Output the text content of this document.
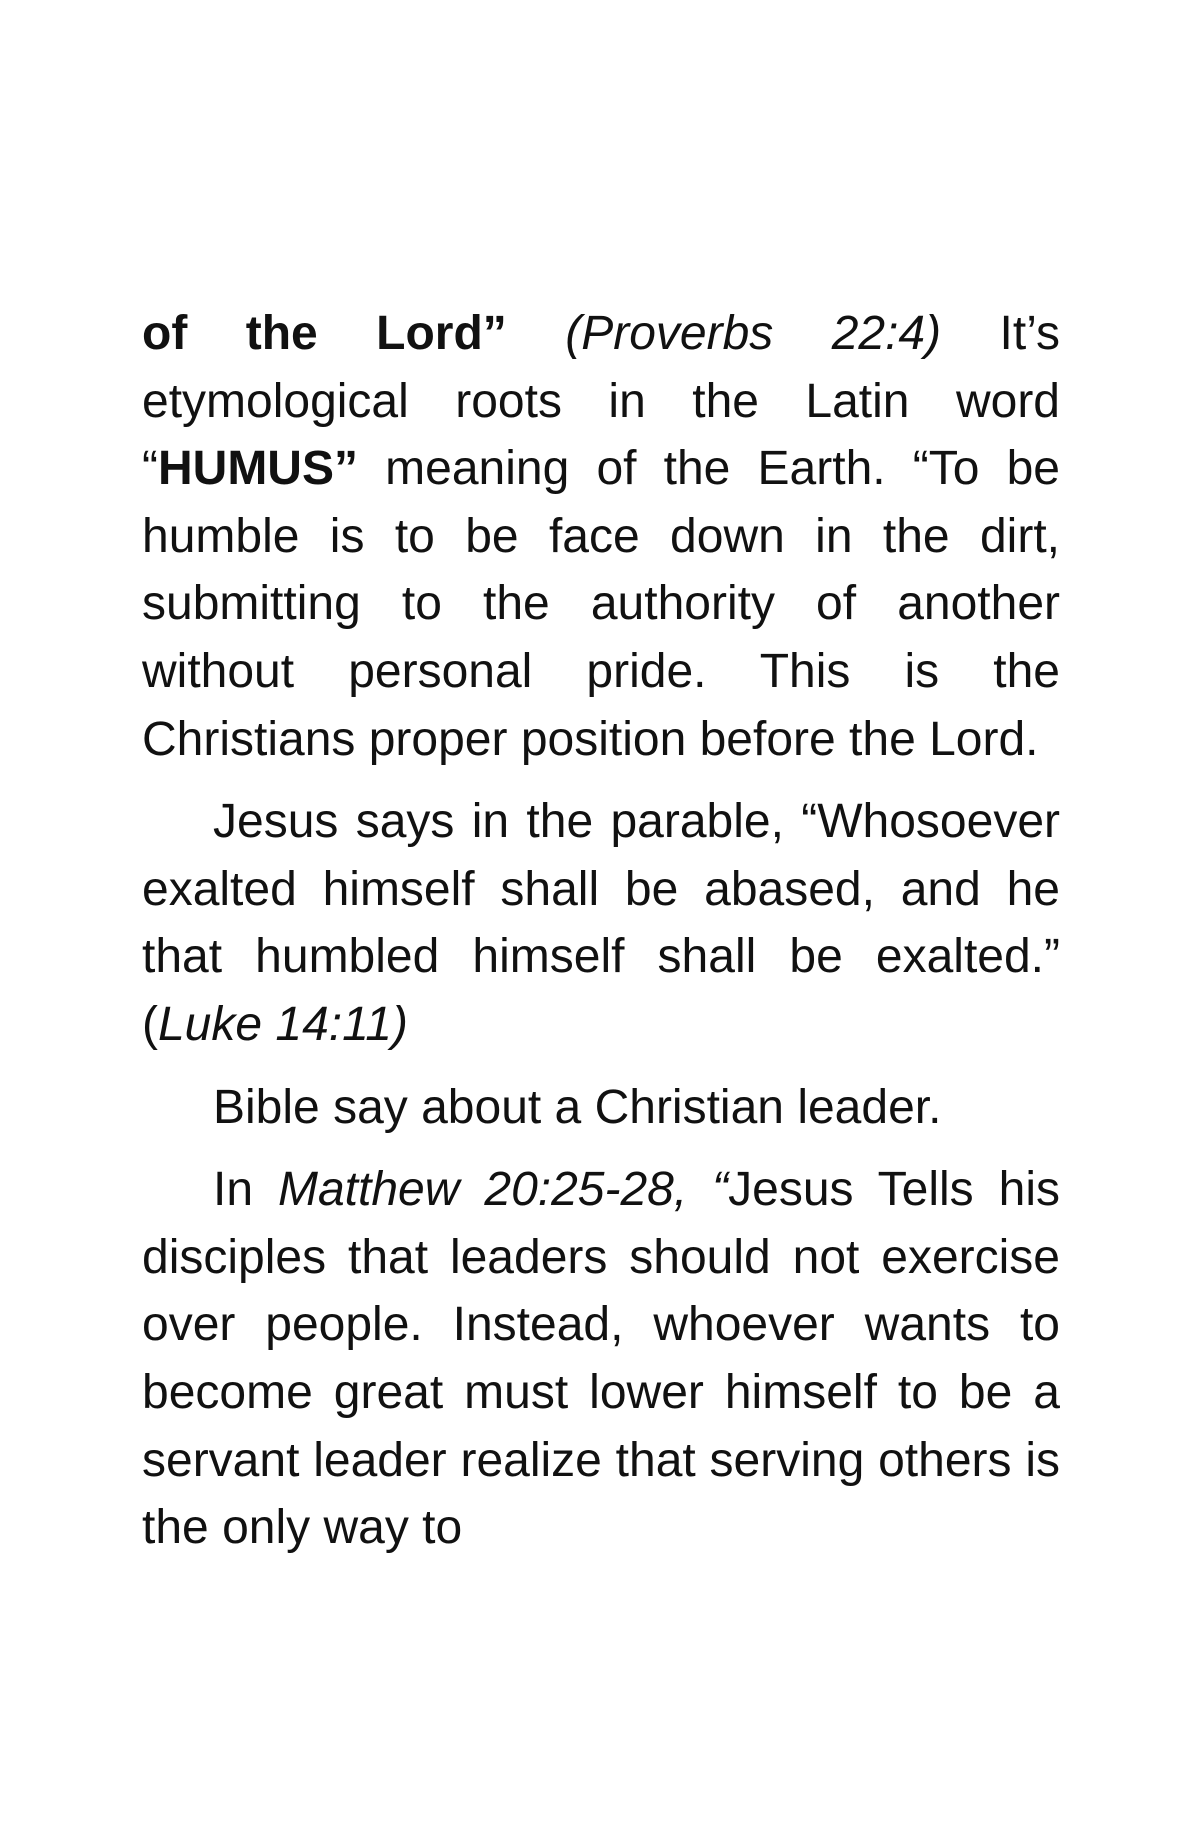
of the Lord” (Proverbs 22:4) It’s etymological roots in the Latin word “HUMUS” meaning of the Earth. “To be humble is to be face down in the dirt, submitting to the authority of another without personal pride. This is the Christians proper position before the Lord.

Jesus says in the parable, “Whosoever exalted himself shall be abased, and he that humbled himself shall be exalted.” (Luke 14:11)

Bible say about a Christian leader.

In Matthew 20:25-28, “Jesus Tells his disciples that leaders should not exercise over people. Instead, whoever wants to become great must lower himself to be a servant leader realize that serving others is the only way to
